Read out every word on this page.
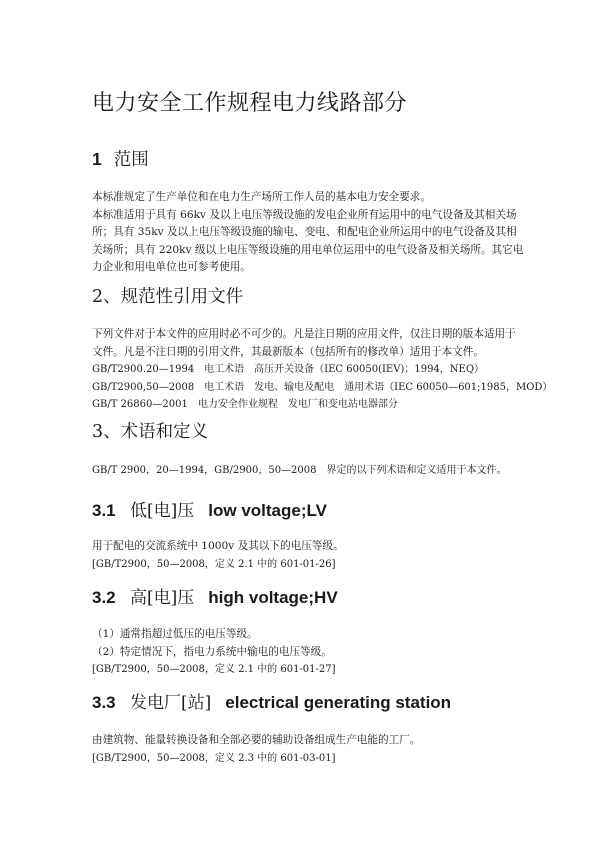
电力安全工作规程电力线路部分
1 范围

本标准规定了生产单位和在电力生产场所工作人员的基本电力安全要求。

本标准适用于具有 66kv 及以上电压等级设施的发电企业所有运用中的电气设备及其相关场

所；具有 35kv 及以上电压等级设施的输电、变电、和配电企业所运用中的电气设备及其相

关场所；具有 220kv 级以上电压等级设施的用电单位运用中的电气设备及相关场所。其它电

力企业和用电单位也可参考使用。

2、规范性引用文件

下列文件对于本文件的应用时必不可少的。凡是注日期的应用文件，仅注日期的版本适用于

文件。凡是不注日期的引用文件，其最新版本（包括所有的修改单）适用于本文件。

GB/T2900.20—1994　电工术语　高压开关设备（IEC 60050(IEV)；1994，NEQ）

GB/T2900,50—2008　电工术语　发电、输电及配电　通用术语（IEC 60050—601;1985，MOD）

GB/T 26860—2001　电力安全作业规程　发电厂和变电站电器部分

3、术语和定义

GB/T 2900，20—1994，GB/2900，50—2008　界定的以下列术语和定义适用于本文件。

3.1 低[电]压 low voltage;LV

用于配电的交流系统中 1000v 及其以下的电压等级。

[GB/T2900，50—2008，定义 2.1 中的 601-01-26]

3.2 高[电]压 high voltage;HV

（1）通常指超过低压的电压等级。

（2）特定情况下，指电力系统中输电的电压等级。

[GB/T2900，50—2008，定义 2.1 中的 601-01-27]

3.3 发电厂[站] electrical generating station

由建筑物、能量转换设备和全部必要的辅助设备组成生产电能的工厂。

[GB/T2900，50—2008，定义 2.3 中的 601-03-01]
